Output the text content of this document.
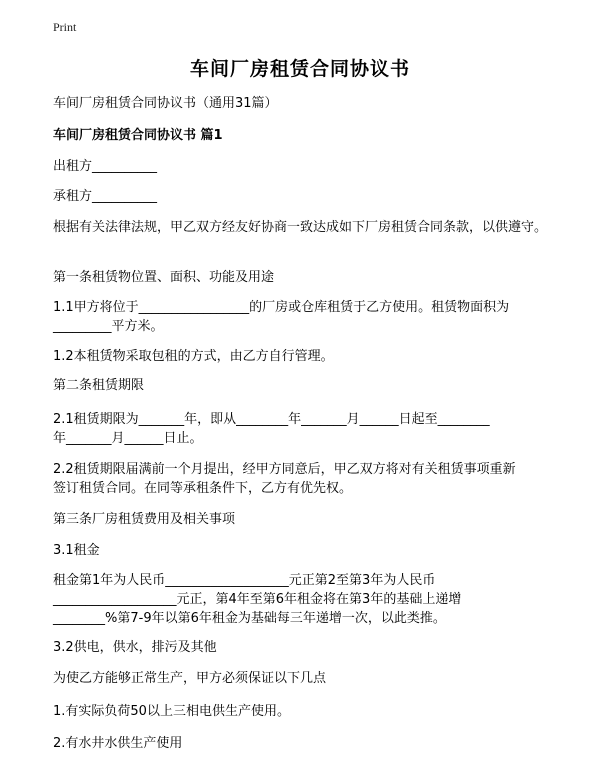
Print
车间厂房租赁合同协议书
车间厂房租赁合同协议书（通用31篇）
车间厂房租赁合同协议书 篇1
出租方__________
承租方__________
根据有关法律法规，甲乙双方经友好协商一致达成如下厂房租赁合同条款，以供遵守。
第一条租赁物位置、面积、功能及用途
1.1甲方将位于_________________的厂房或仓库租赁于乙方使用。租赁物面积为
_________平方米。
1.2本租赁物采取包租的方式，由乙方自行管理。
第二条租赁期限
2.1租赁期限为_______年，即从________年_______月______日起至________
年_______月______日止。
2.2租赁期限届满前一个月提出，经甲方同意后，甲乙双方将对有关租赁事项重新
签订租赁合同。在同等承租条件下，乙方有优先权。
第三条厂房租赁费用及相关事项
3.1租金
租金第1年为人民币___________________元正第2至第3年为人民币
___________________元正，第4年至第6年租金将在第3年的基础上递增
________%第7-9年以第6年租金为基础每三年递增一次，以此类推。
3.2供电，供水，排污及其他
为使乙方能够正常生产，甲方必须保证以下几点
1.有实际负荷50以上三相电供生产使用。
2.有水井水供生产使用
